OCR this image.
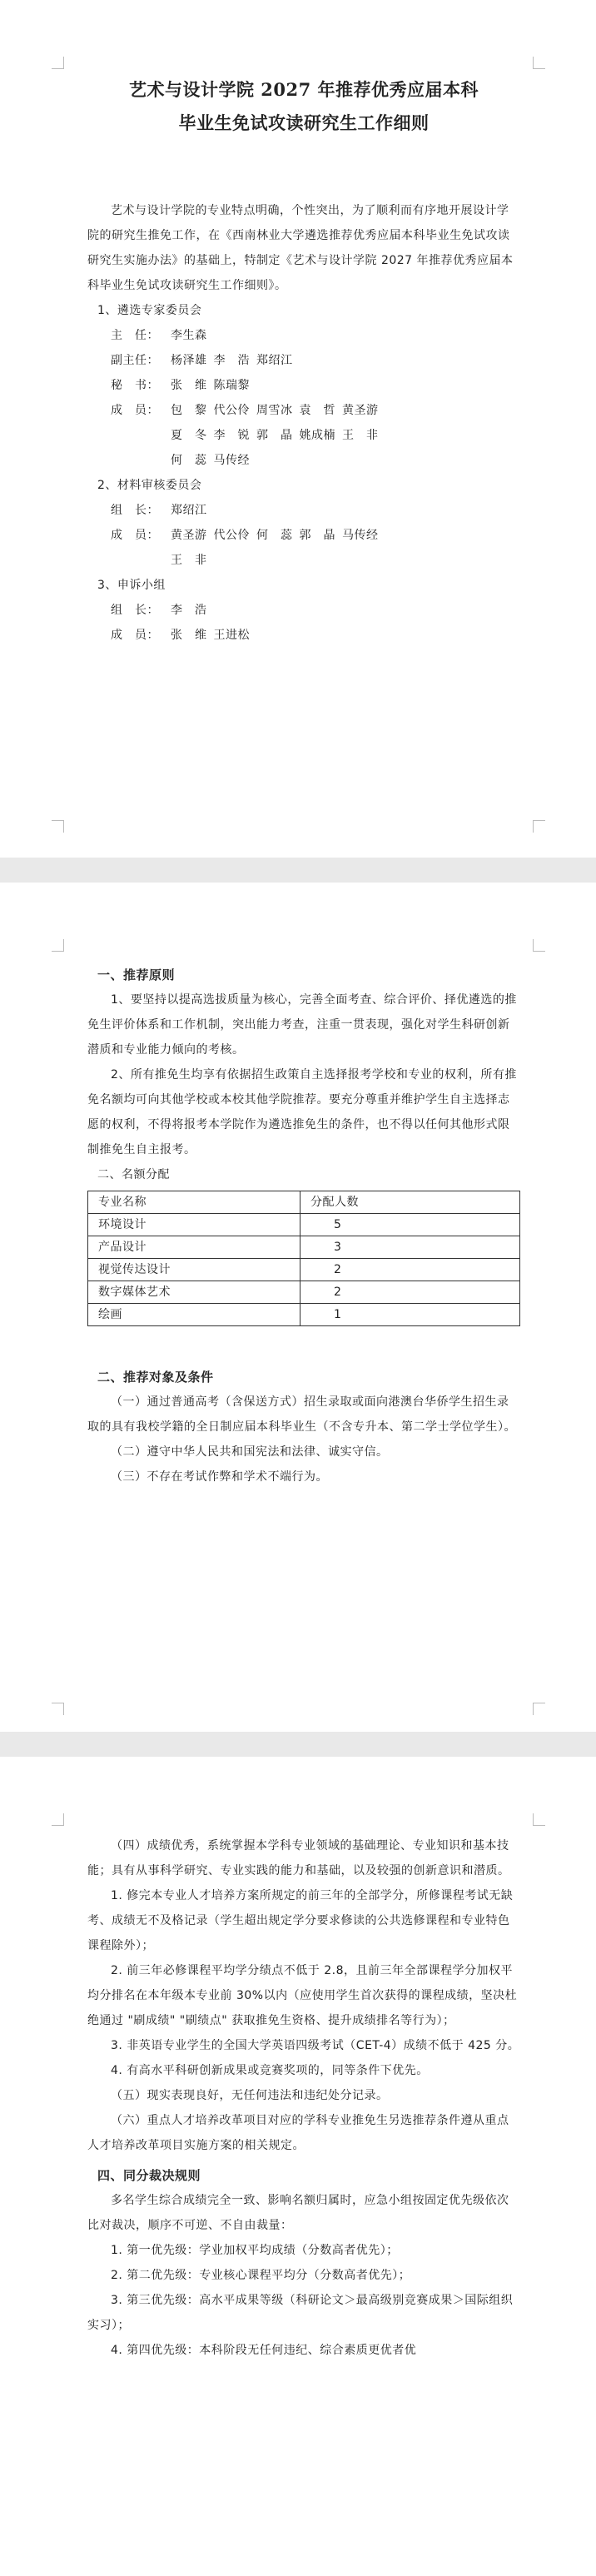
艺术与设计学院 2027 年推荐优秀应届本科
毕业生免试攻读研究生工作细则

艺术与设计学院的专业特点明确，个性突出，为了顺利而有序地开展设计学院的研究生推免工作，在《西南林业大学遴选推荐优秀应届本科毕业生免试攻读研究生实施办法》的基础上，特制定《艺术与设计学院 2027 年推荐优秀应届本科毕业生免试攻读研究生工作细则》。

1、遴选专家委员会

主　任：	李生森
副主任：	杨泽雄 李　浩 郑绍江
秘　书：	张　维 陈瑞黎
成　员：	包　黎 代公伶 周雪冰 袁　哲 黄圣游
夏　冬 李　锐 郭　晶 姚成楠 王　非
何　蕊 马传经

2、材料审核委员会

组　长：	郑绍江
成　员：	黄圣游 代公伶 何　蕊 郭　晶 马传经
王　非

3、申诉小组

组　长：	李　浩
成　员：	张　维 王进松

一、推荐原则

1、要坚持以提高选拔质量为核心，完善全面考查、综合评价、择优遴选的推免生评价体系和工作机制，突出能力考查，注重一贯表现，强化对学生科研创新潜质和专业能力倾向的考核。

2、所有推免生均享有依据招生政策自主选择报考学校和专业的权利，所有推免名额均可向其他学校或本校其他学院推荐。要充分尊重并维护学生自主选择志愿的权利，不得将报考本学院作为遴选推免生的条件，也不得以任何其他形式限制推免生自主报考。

二、名额分配

专业名称	分配人数
环境设计	5
产品设计	3
视觉传达设计	2
数字媒体艺术	2
绘画	1

二、推荐对象及条件

（一）通过普通高考（含保送方式）招生录取或面向港澳台华侨学生招生录取的具有我校学籍的全日制应届本科毕业生（不含专升本、第二学士学位学生）。

（二）遵守中华人民共和国宪法和法律、诚实守信。

（三）不存在考试作弊和学术不端行为。

（四）成绩优秀，系统掌握本学科专业领域的基础理论、专业知识和基本技能；具有从事科学研究、专业实践的能力和基础，以及较强的创新意识和潜质。

1. 修完本专业人才培养方案所规定的前三年的全部学分，所修课程考试无缺考、成绩无不及格记录（学生超出规定学分要求修读的公共选修课程和专业特色课程除外）；

2. 前三年必修课程平均学分绩点不低于 2.8，且前三年全部课程学分加权平均分排名在本年级本专业前 30%以内（应使用学生首次获得的课程成绩，坚决杜绝通过 "刷成绩" "刷绩点" 获取推免生资格、提升成绩排名等行为）；

3. 非英语专业学生的全国大学英语四级考试（CET-4）成绩不低于 425 分。

4. 有高水平科研创新成果或竞赛奖项的，同等条件下优先。

（五）现实表现良好，无任何违法和违纪处分记录。

（六）重点人才培养改革项目对应的学科专业推免生另选推荐条件遵从重点人才培养改革项目实施方案的相关规定。

四、同分裁决规则

多名学生综合成绩完全一致、影响名额归属时，应急小组按固定优先级依次比对裁决，顺序不可逆、不自由裁量：

1. 第一优先级：学业加权平均成绩（分数高者优先）；

2. 第二优先级：专业核心课程平均分（分数高者优先）；

3. 第三优先级：高水平成果等级（科研论文＞最高级别竞赛成果＞国际组织实习）；

4. 第四优先级：本科阶段无任何违纪、综合素质更优者优
